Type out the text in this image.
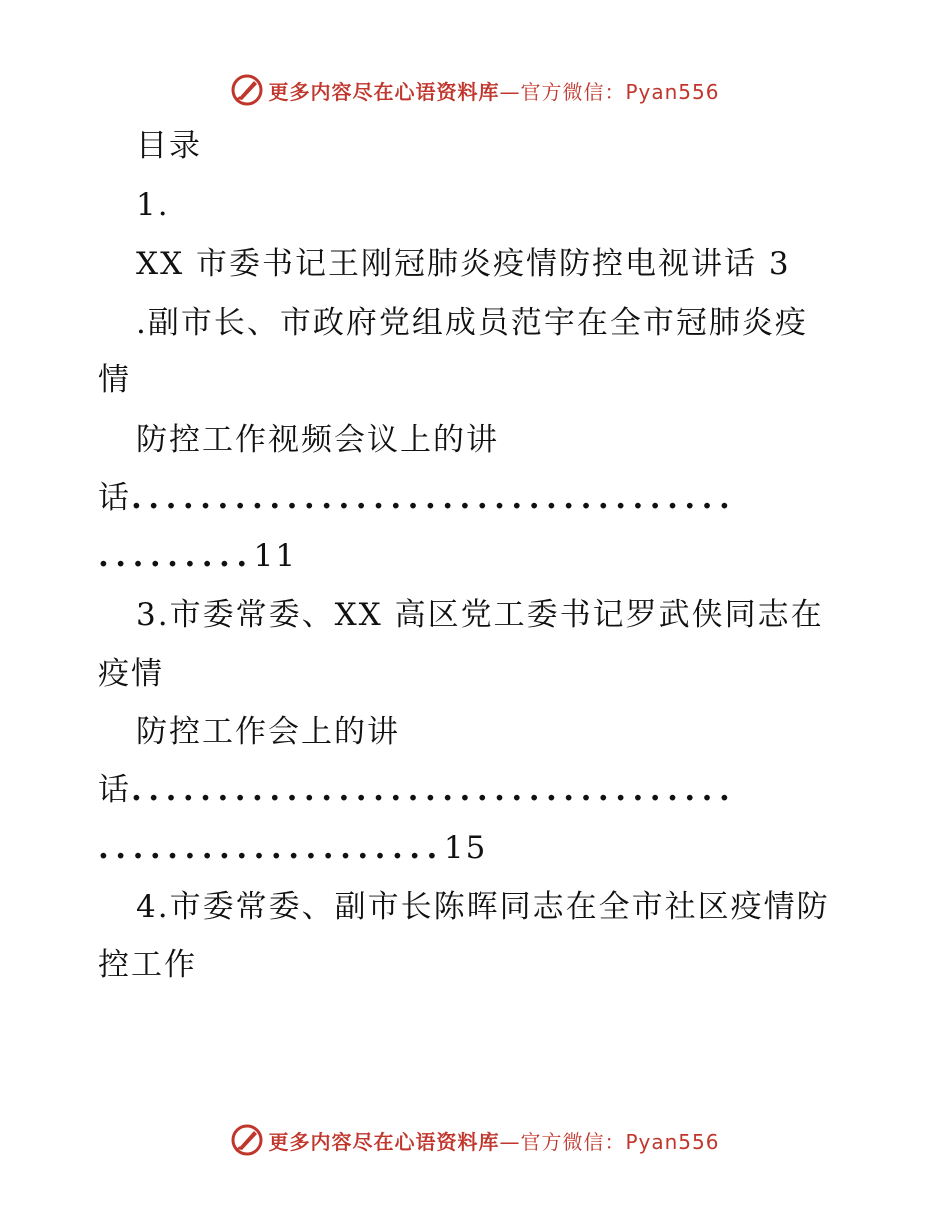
更多内容尽在心语资料库—官方微信：Pyan556
目录
1.
XX 市委书记王刚冠肺炎疫情防控电视讲话 3
.副市长、市政府党组成员范宇在全市冠肺炎疫
情
防控工作视频会议上的讲
话...................................
.........11
3.市委常委、XX 高区党工委书记罗武侠同志在
疫情
防控工作会上的讲
话...................................
....................15
4.市委常委、副市长陈晖同志在全市社区疫情防
控工作
更多内容尽在心语资料库—官方微信：Pyan556
